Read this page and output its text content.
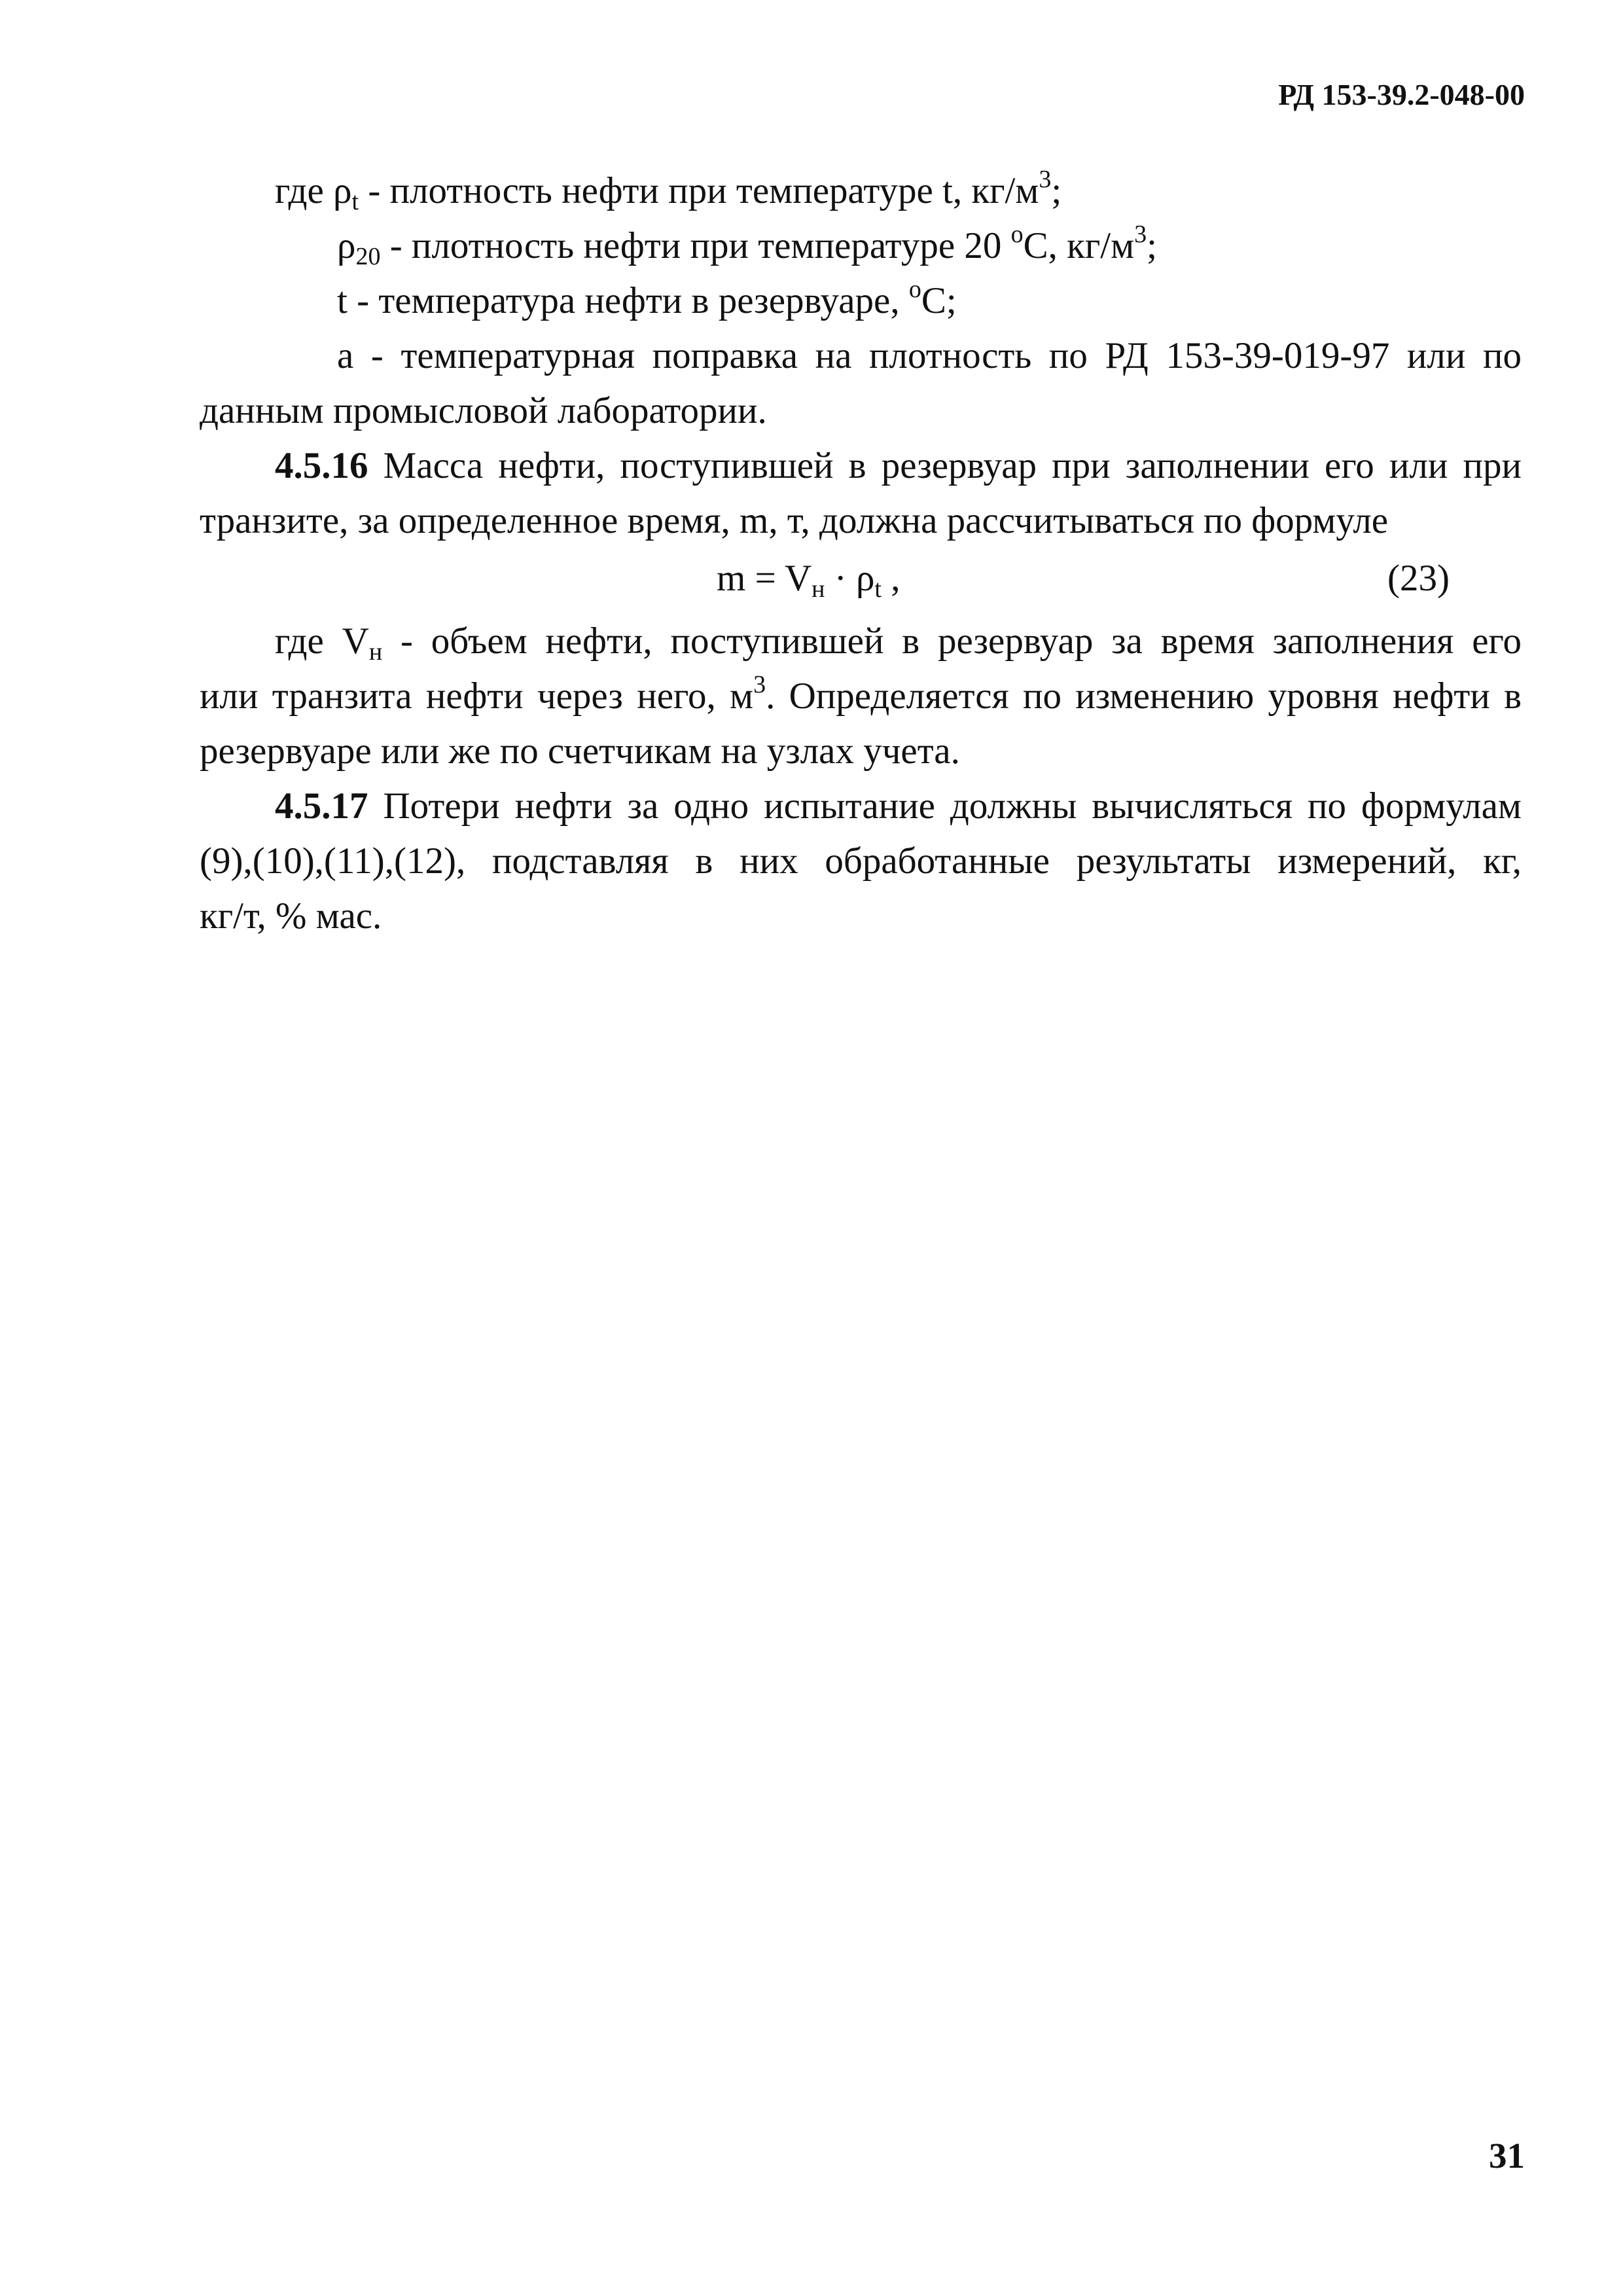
РД 153-39.2-048-00
где $\rho_t$ - плотность нефти при температуре t, $кг/м^3$;
$\rho_{20}$ - плотность нефти при температуре 20 $^о$С, $кг/м^3$;
t - температура нефти в резервуаре, $^о$С;
а - температурная поправка на плотность по РД 153-39-019-97 или по
данным промысловой лаборатории.
4.5.16 Масса нефти, поступившей в резервуар при заполнении его или при
транзите, за определенное время, m, т, должна рассчитываться по формуле
$m = V_н \cdot \rho_t$ ,	(23)
где $V_н$ - объем нефти, поступившей в резервуар за время заполнения его
или транзита нефти через него, $м^3$. Определяется по изменению уровня нефти в
резервуаре или же по счетчикам на узлах учета.
4.5.17 Потери нефти за одно испытание должны вычисляться по формулам
(9),(10),(11),(12), подставляя в них обработанные результаты измерений, кг,
кг/т, % мас.
31
